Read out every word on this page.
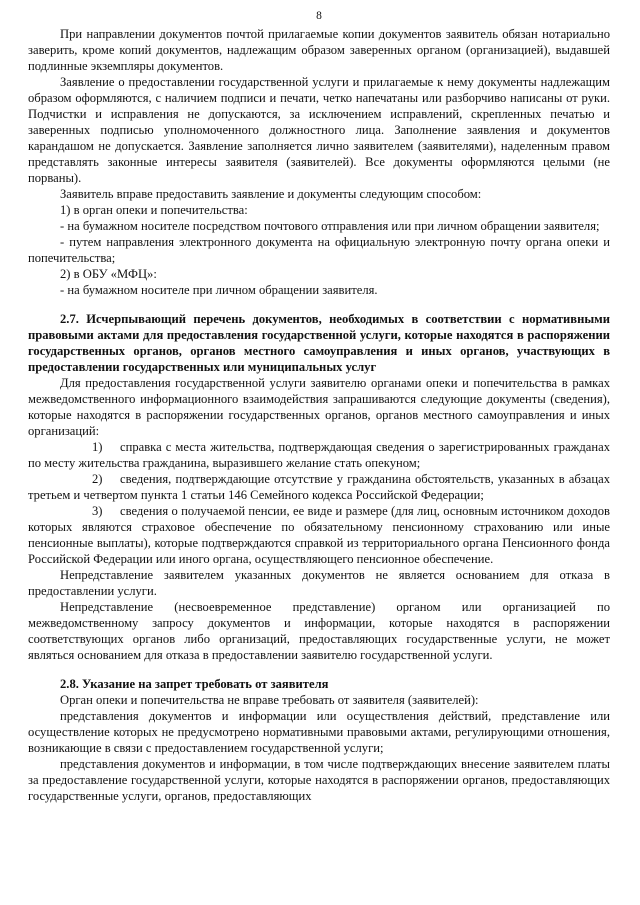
8

При направлении документов почтой прилагаемые копии документов заявитель обязан нотариально заверить, кроме копий документов, надлежащим образом заверенных органом (организацией), выдавшей подлинные экземпляры документов.

Заявление о предоставлении государственной услуги и прилагаемые к нему документы надлежащим образом оформляются, с наличием подписи и печати, четко напечатаны или разборчиво написаны от руки. Подчистки и исправления не допускаются, за исключением исправлений, скрепленных печатью и заверенных подписью уполномоченного должностного лица. Заполнение заявления и документов карандашом не допускается. Заявление заполняется лично заявителем (заявителями), наделенным правом представлять законные интересы заявителя (заявителей). Все документы оформляются целыми (не порваны).

Заявитель вправе предоставить заявление и документы следующим способом:

1) в орган опеки и попечительства:

- на бумажном носителе посредством почтового отправления или при личном обращении заявителя;

- путем направления электронного документа на официальную электронную почту органа опеки и попечительства;

2) в ОБУ «МФЦ»:

- на бумажном носителе при личном обращении заявителя.

2.7. Исчерпывающий перечень документов, необходимых в соответствии с нормативными правовыми актами для предоставления государственной услуги, которые находятся в распоряжении государственных органов, органов местного самоуправления и иных органов, участвующих в предоставлении государственных или муниципальных услуг

Для предоставления государственной услуги заявителю органами опеки и попечительства в рамках межведомственного информационного взаимодействия запрашиваются следующие документы (сведения), которые находятся в распоряжении государственных органов, органов местного самоуправления и иных организаций:

1) справка с места жительства, подтверждающая сведения о зарегистрированных гражданах по месту жительства гражданина, выразившего желание стать опекуном;

2) сведения, подтверждающие отсутствие у гражданина обстоятельств, указанных в абзацах третьем и четвертом пункта 1 статьи 146 Семейного кодекса Российской Федерации;

3) сведения о получаемой пенсии, ее виде и размере (для лиц, основным источником доходов которых являются страховое обеспечение по обязательному пенсионному страхованию или иные пенсионные выплаты), которые подтверждаются справкой из территориального органа Пенсионного фонда Российской Федерации или иного органа, осуществляющего пенсионное обеспечение.

Непредставление заявителем указанных документов не является основанием для отказа в предоставлении услуги.

Непредставление (несвоевременное представление) органом или организацией по межведомственному запросу документов и информации, которые находятся в распоряжении соответствующих органов либо организаций, предоставляющих государственные услуги, не может являться основанием для отказа в предоставлении заявителю государственной услуги.

2.8. Указание на запрет требовать от заявителя

Орган опеки и попечительства не вправе требовать от заявителя (заявителей):

представления документов и информации или осуществления действий, представление или осуществление которых не предусмотрено нормативными правовыми актами, регулирующими отношения, возникающие в связи с предоставлением государственной услуги;

представления документов и информации, в том числе подтверждающих внесение заявителем платы за предоставление государственной услуги, которые находятся в распоряжении органов, предоставляющих государственные услуги, органов, предоставляющих
